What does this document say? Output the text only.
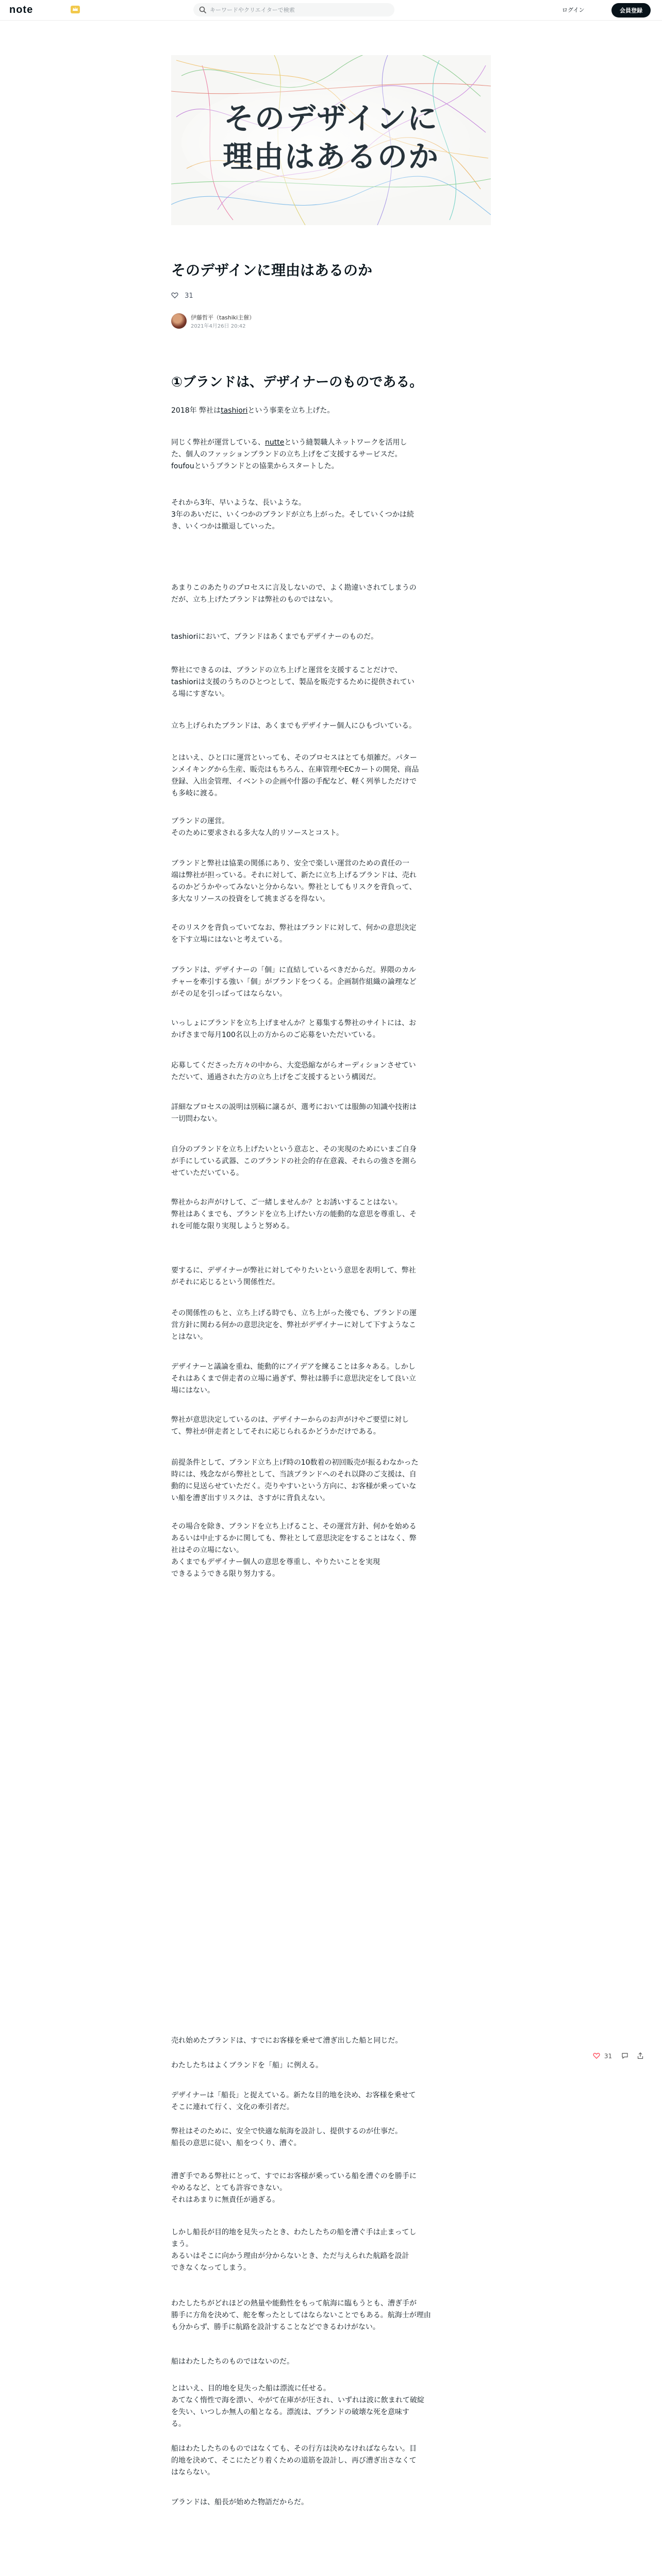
note
キーワードやクリエイターで検索	ログイン	会員登録
そのデザインに
理由はあるのか
そのデザインに理由はあるのか
31
伊藤哲平（tashiki主催）
2021年4月26日 20:42
①ブランドは、デザイナーのものである。
2018年 弊社はtashioriという事業を立ち上げた。
同じく弊社が運営している、nutteという縫製職人ネットワークを活用し
た、個人のファッションブランドの立ち上げをご支援するサービスだ。
foufouというブランドとの協業からスタートした。
それから3年、早いような、長いような。
3年のあいだに、いくつかのブランドが立ち上がった。そしていくつかは続
き、いくつかは撤退していった。
あまりこのあたりのプロセスに言及しないので、よく勘違いされてしまうの
だが、立ち上げたブランドは弊社のものではない。
tashioriにおいて、ブランドはあくまでもデザイナーのものだ。
弊社にできるのは、ブランドの立ち上げと運営を支援することだけで、
tashioriは支援のうちのひとつとして、製品を販売するために提供されてい
る場にすぎない。
立ち上げられたブランドは、あくまでもデザイナー個人にひもづいている。
とはいえ、ひと口に運営といっても、そのプロセスはとても煩雑だ。パター
ンメイキングから生産、販売はもちろん、在庫管理やECカートの開発、商品
登録、入出金管理、イベントの企画や什器の手配など、軽く列挙しただけで
も多岐に渡る。
ブランドの運営。
そのために要求される多大な人的リソースとコスト。
ブランドと弊社は協業の関係にあり、安全で楽しい運営のための責任の一
端は弊社が担っている。それに対して、新たに立ち上げるブランドは、売れ
るのかどうかやってみないと分からない。弊社としてもリスクを背負って、
多大なリソースの投資をして挑まざるを得ない。
そのリスクを背負っていてなお、弊社はブランドに対して、何かの意思決定
を下す立場にはないと考えている。
ブランドは、デザイナーの「個」に直結しているべきだからだ。界隈のカル
チャーを牽引する強い「個」がブランドをつくる。企画制作組織の論理など
がその足を引っぱってはならない。
いっしょにブランドを立ち上げませんか？と募集する弊社のサイトには、お
かげさまで毎月100名以上の方からのご応募をいただいている。
応募してくださった方々の中から、大変恐縮ながらオーディションさせてい
ただいて、通過された方の立ち上げをご支援するという構図だ。
詳細なプロセスの説明は別稿に譲るが、選考においては服飾の知識や技術は
一切問わない。
自分のブランドを立ち上げたいという意志と、その実現のためにいまご自身
が手にしている武器、このブランドの社会的存在意義、それらの強さを測ら
せていただいている。
弊社からお声がけして、ご一緒しませんか？とお誘いすることはない。
弊社はあくまでも、ブランドを立ち上げたい方の能動的な意思を尊重し、そ
れを可能な限り実現しようと努める。
要するに、デザイナーが弊社に対してやりたいという意思を表明して、弊社
がそれに応じるという関係性だ。
その関係性のもと、立ち上げる時でも、立ち上がった後でも、ブランドの運
営方針に関わる何かの意思決定を、弊社がデザイナーに対して下すようなこ
とはない。
デザイナーと議論を重ね、能動的にアイデアを練ることは多々ある。しかし
それはあくまで併走者の立場に過ぎず、弊社は勝手に意思決定をして良い立
場にはない。
弊社が意思決定しているのは、デザイナーからのお声がけやご要望に対し
て、弊社が併走者としてそれに応じられるかどうかだけである。
前提条件として、ブランド立ち上げ時の10数着の初回販売が振るわなかった
時には、残念ながら弊社として、当該ブランドへのそれ以降のご支援は、自
動的に見送らせていただく。売りやすいという方向に、お客様が乗っていな
い船を漕ぎ出すリスクは、さすがに背負えない。
その場合を除き、ブランドを立ち上げること、その運営方針、何かを始める
あるいは中止するかに関しても、弊社として意思決定をすることはなく、弊
社はその立場にない。
あくまでもデザイナー個人の意思を尊重し、やりたいことを実現
できるようできる限り努力する。
売れ始めたブランドは、すでにお客様を乗せて漕ぎ出した船と同じだ。
わたしたちはよくブランドを「船」に例える。
デザイナーは「船長」と捉えている。新たな目的地を決め、お客様を乗せて
そこに連れて行く、文化の牽引者だ。
弊社はそのために、安全で快適な航海を設計し、提供するのが仕事だ。
船長の意思に従い、船をつくり、漕ぐ。
漕ぎ手である弊社にとって、すでにお客様が乗っている船を漕ぐのを勝手に
やめるなど、とても許容できない。
それはあまりに無責任が過ぎる。
しかし船長が目的地を見失ったとき、わたしたちの船を漕ぐ手は止まってし
まう。
あるいはそこに向かう理由が分からないとき、ただ与えられた航路を設計
できなくなってしまう。
わたしたちがどれほどの熱量や能動性をもって航海に臨もうとも、漕ぎ手が
勝手に方角を決めて、舵を奪ったとしてはならないことでもある。航海士が理由
も分からず、勝手に航路を設計することなどできるわけがない。
船はわたしたちのものではないのだ。
とはいえ、目的地を見失った船は漂流に任せる。
あてなく惰性で海を漂い、やがて在庫がが圧され、いずれは波に飲まれて破綻
を失い、いつしか無人の船となる。漂流は、ブランドの破壊な死を意味す
る。
船はわたしたちのものではなくても、その行方は決めなければならない。目
的地を決めて、そこにたどり着くための道筋を設計し、再び漕ぎ出さなくて
はならない。
ブランドは、船長が始めた物語だからだ。
31
